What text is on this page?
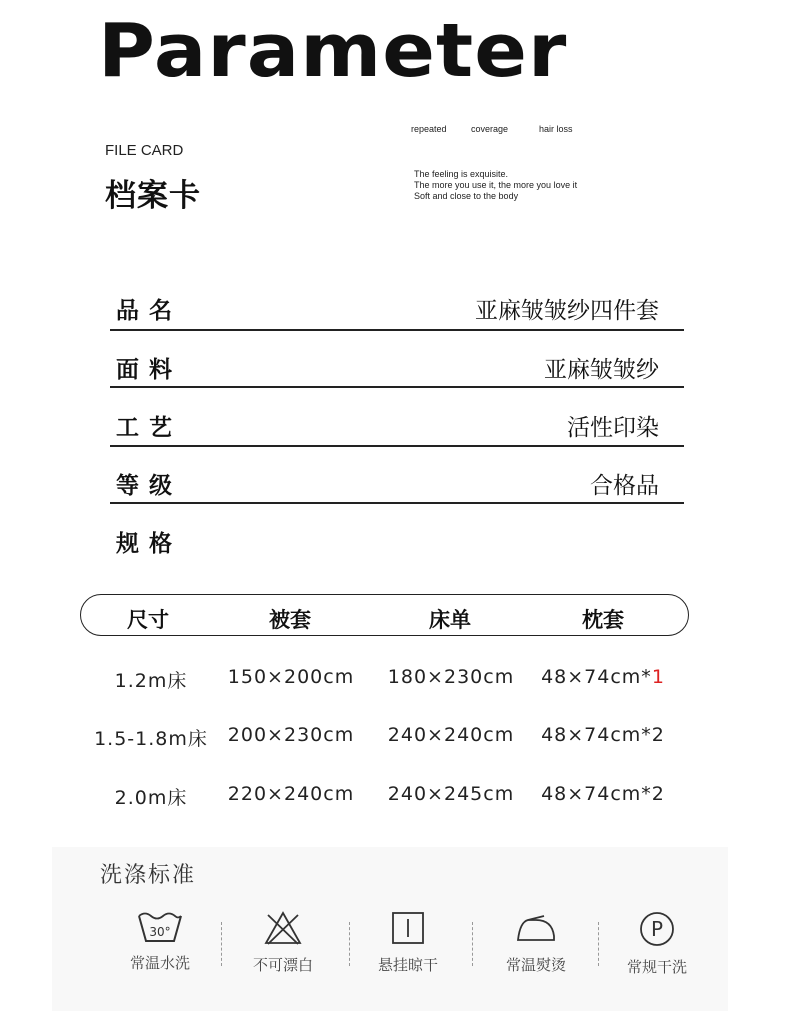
Parameter
FILE CARD
档案卡
repeated	coverage	hair loss
The feeling is exquisite.
The more you use it, the more you love it
Soft and close to the body
品名	亚麻皱皱纱四件套
面料	亚麻皱皱纱
工艺	活性印染
等级	合格品
规格
尺寸	被套	床单	枕套
1.2m床	150×200cm	180×230cm	48×74cm*1
1.5-1.8m床	200×230cm	240×240cm	48×74cm*2
2.0m床	220×240cm	240×245cm	48×74cm*2
洗涤标准
30°
常温水洗	不可漂白	悬挂晾干	常温熨烫
P
常规干洗
